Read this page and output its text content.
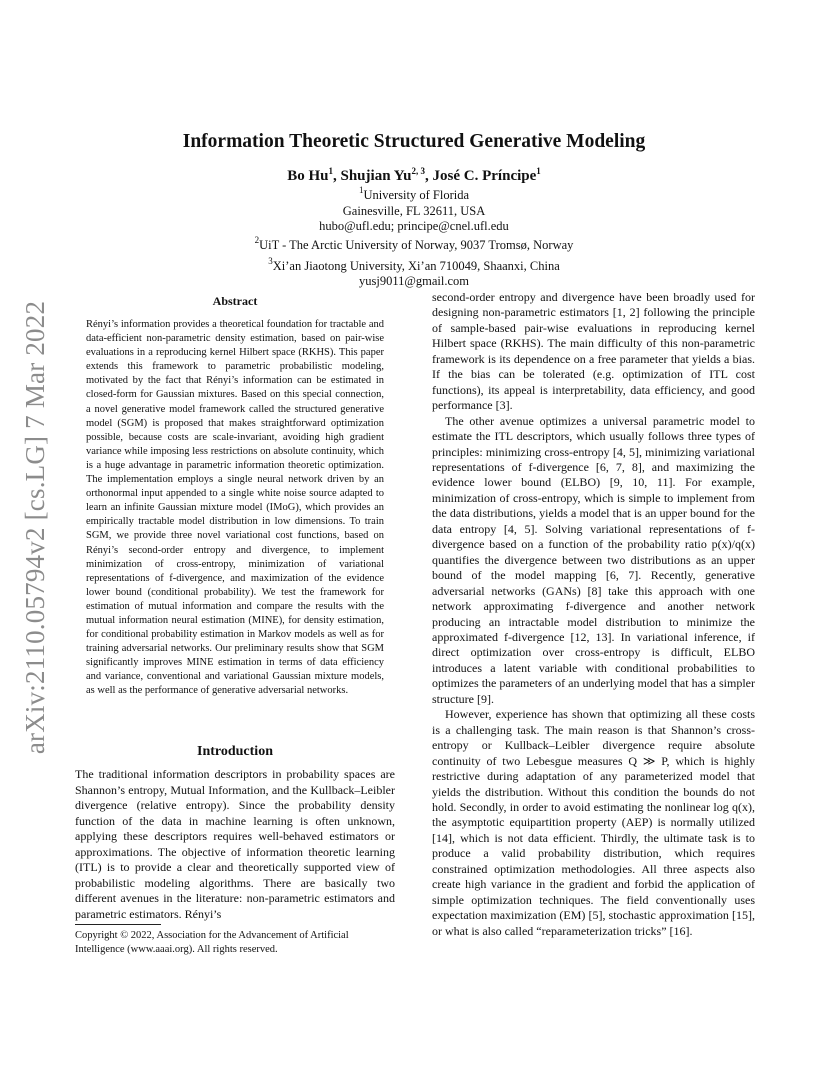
arXiv:2110.05794v2 [cs.LG] 7 Mar 2022
Information Theoretic Structured Generative Modeling
Bo Hu$^1$, Shujian Yu$^{2, 3}$, José C. Príncipe$^1$
$^1$University of Florida
Gainesville, FL 32611, USA
hubo@ufl.edu; principe@cnel.ufl.edu
$^2$UiT - The Arctic University of Norway, 9037 Tromsø, Norway
$^3$Xi’an Jiaotong University, Xi’an 710049, Shaanxi, China
yusj9011@gmail.com
Abstract

Rényi’s information provides a theoretical foundation for tractable and data-efficient non-parametric density estimation, based on pair-wise evaluations in a reproducing kernel Hilbert space (RKHS). This paper extends this framework to parametric probabilistic modeling, motivated by the fact that Rényi’s information can be estimated in closed-form for Gaussian mixtures. Based on this special connection, a novel generative model framework called the structured generative model (SGM) is proposed that makes straightforward optimization possible, because costs are scale-invariant, avoiding high gradient variance while imposing less restrictions on absolute continuity, which is a huge advantage in parametric information theoretic optimization. The implementation employs a single neural network driven by an orthonormal input appended to a single white noise source adapted to learn an infinite Gaussian mixture model (IMoG), which provides an empirically tractable model distribution in low dimensions. To train SGM, we provide three novel variational cost functions, based on Rényi’s second-order entropy and divergence, to implement minimization of cross-entropy, minimization of variational representations of f-divergence, and maximization of the evidence lower bound (conditional probability). We test the framework for estimation of mutual information and compare the results with the mutual information neural estimation (MINE), for density estimation, for conditional probability estimation in Markov models as well as for training adversarial networks. Our preliminary results show that SGM significantly improves MINE estimation in terms of data efficiency and variance, conventional and variational Gaussian mixture models, as well as the performance of generative adversarial networks.

Introduction

The traditional information descriptors in probability spaces are Shannon’s entropy, Mutual Information, and the Kullback–Leibler divergence (relative entropy). Since the probability density function of the data in machine learning is often unknown, applying these descriptors requires well-behaved estimators or approximations. The objective of information theoretic learning (ITL) is to provide a clear and theoretically supported view of probabilistic modeling algorithms. There are basically two different avenues in the literature: non-parametric estimators and parametric estimators. Rényi’s

Copyright © 2022, Association for the Advancement of Artificial Intelligence (www.aaai.org). All rights reserved.

second-order entropy and divergence have been broadly used for designing non-parametric estimators [1, 2] following the principle of sample-based pair-wise evaluations in reproducing kernel Hilbert space (RKHS). The main difficulty of this non-parametric framework is its dependence on a free parameter that yields a bias. If the bias can be tolerated (e.g. optimization of ITL cost functions), its appeal is interpretability, data efficiency, and good performance [3].

The other avenue optimizes a universal parametric model to estimate the ITL descriptors, which usually follows three types of principles: minimizing cross-entropy [4, 5], minimizing variational representations of f-divergence [6, 7, 8], and maximizing the evidence lower bound (ELBO) [9, 10, 11]. For example, minimization of cross-entropy, which is simple to implement from the data distributions, yields a model that is an upper bound for the data entropy [4, 5]. Solving variational representations of f-divergence based on a function of the probability ratio p(x)/q(x) quantifies the divergence between two distributions as an upper bound of the model mapping [6, 7]. Recently, generative adversarial networks (GANs) [8] take this approach with one network approximating f-divergence and another network producing an intractable model distribution to minimize the approximated f-divergence [12, 13]. In variational inference, if direct optimization over cross-entropy is difficult, ELBO introduces a latent variable with conditional probabilities to optimizes the parameters of an underlying model that has a simpler structure [9].

However, experience has shown that optimizing all these costs is a challenging task. The main reason is that Shannon’s cross-entropy or Kullback–Leibler divergence require absolute continuity of two Lebesgue measures Q ≫ P, which is highly restrictive during adaptation of any parameterized model that yields the distribution. Without this condition the bounds do not hold. Secondly, in order to avoid estimating the nonlinear log q(x), the asymptotic equipartition property (AEP) is normally utilized [14], which is not data efficient. Thirdly, the ultimate task is to produce a valid probability distribution, which requires constrained optimization methodologies. All three aspects also create high variance in the gradient and forbid the application of simple optimization techniques. The field conventionally uses expectation maximization (EM) [5], stochastic approximation [15], or what is also called “reparameterization tricks” [16].
